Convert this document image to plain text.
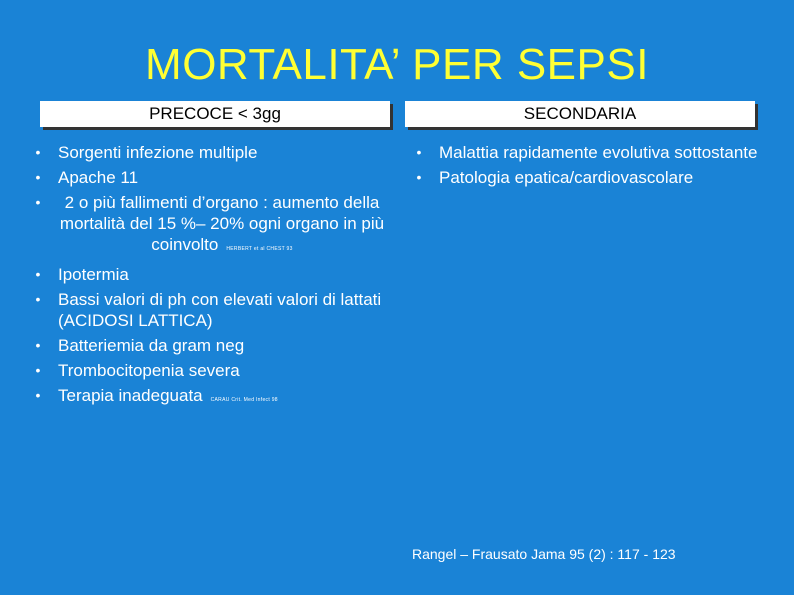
MORTALITA’ PER SEPSI
PRECOCE < 3gg	SECONDARIA
•	Sorgenti infezione multiple
•	Apache 11
•	2 o più fallimenti d’organo : aumento della mortalità del 15 %– 20% ogni organo in più coinvolto HERBERT et al CHEST 93
•	Ipotermia
•	Bassi valori di ph con elevati valori di lattati (ACIDOSI LATTICA)
•	Batteriemia da gram neg
•	Trombocitopenia severa
•	Terapia inadeguata CARAU Crit. Med Infect 98
•	Malattia rapidamente evolutiva sottostante
•	Patologia epatica/cardiovascolare
Rangel – Frausato Jama 95 (2) : 117 - 123
